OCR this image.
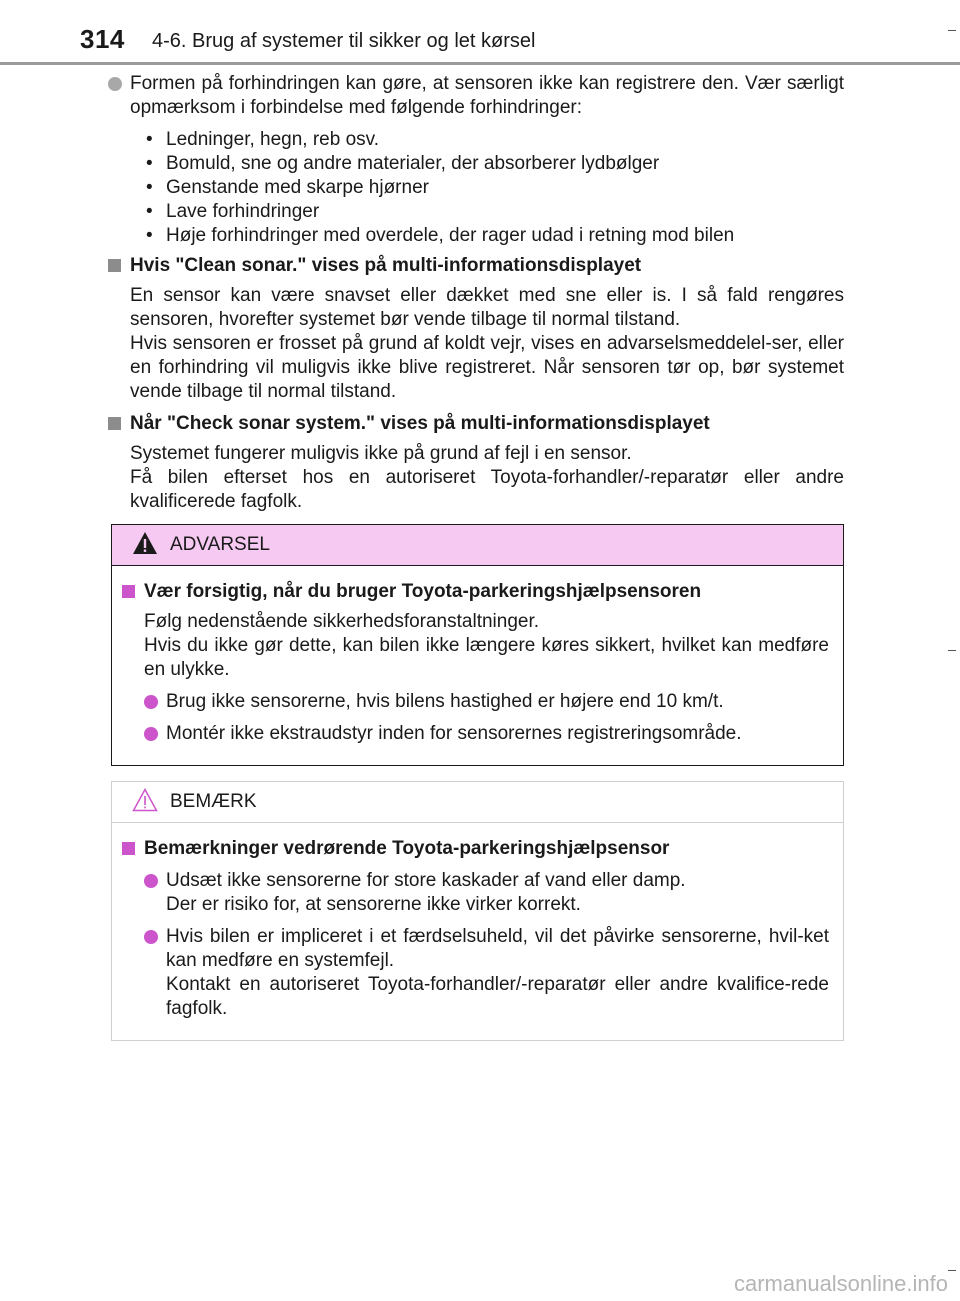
314 4-6. Brug af systemer til sikker og let kørsel
Formen på forhindringen kan gøre, at sensoren ikke kan registrere den. Vær særligt opmærksom i forbindelse med følgende forhindringer:
• Ledninger, hegn, reb osv.
• Bomuld, sne og andre materialer, der absorberer lydbølger
• Genstande med skarpe hjørner
• Lave forhindringer
• Høje forhindringer med overdele, der rager udad i retning mod bilen
Hvis "Clean sonar." vises på multi-informationsdisplayet
En sensor kan være snavset eller dækket med sne eller is. I så fald rengøres sensoren, hvorefter systemet bør vende tilbage til normal tilstand.
Hvis sensoren er frosset på grund af koldt vejr, vises en advarselsmeddelel-ser, eller en forhindring vil muligvis ikke blive registreret. Når sensoren tør op, bør systemet vende tilbage til normal tilstand.
Når "Check sonar system." vises på multi-informationsdisplayet
Systemet fungerer muligvis ikke på grund af fejl i en sensor.
Få bilen efterset hos en autoriseret Toyota-forhandler/-reparatør eller andre kvalificerede fagfolk.
ADVARSEL
Vær forsigtig, når du bruger Toyota-parkeringshjælpsensoren
Følg nedenstående sikkerhedsforanstaltninger.
Hvis du ikke gør dette, kan bilen ikke længere køres sikkert, hvilket kan medføre en ulykke.
Brug ikke sensorerne, hvis bilens hastighed er højere end 10 km/t.
Montér ikke ekstraudstyr inden for sensorernes registreringsområde.
BEMÆRK
Bemærkninger vedrørende Toyota-parkeringshjælpsensor
Udsæt ikke sensorerne for store kaskader af vand eller damp.
Der er risiko for, at sensorerne ikke virker korrekt.
Hvis bilen er impliceret i et færdselsuheld, vil det påvirke sensorerne, hvil-ket kan medføre en systemfejl.
Kontakt en autoriseret Toyota-forhandler/-reparatør eller andre kvalifice-rede fagfolk.
carmanualsonline.info
